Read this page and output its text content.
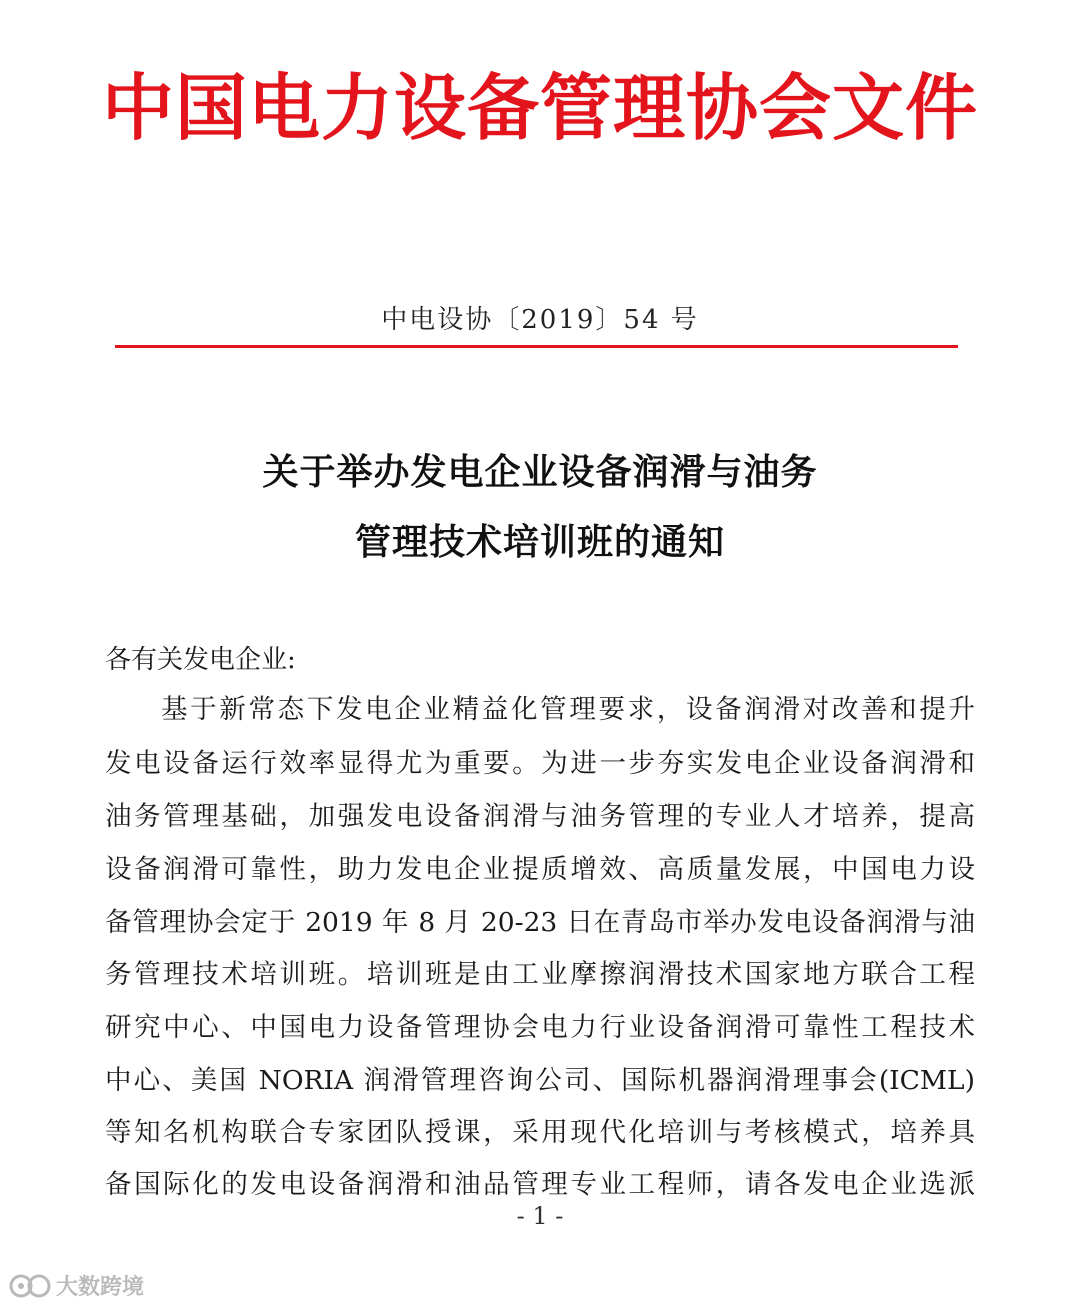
中国电力设备管理协会文件
中电设协〔2019〕54 号
关于举办发电企业设备润滑与油务
管理技术培训班的通知
各有关发电企业:
基于新常态下发电企业精益化管理要求，设备润滑对改善和提升
发电设备运行效率显得尤为重要。为进一步夯实发电企业设备润滑和
油务管理基础，加强发电设备润滑与油务管理的专业人才培养，提高
设备润滑可靠性，助力发电企业提质增效、高质量发展，中国电力设
备管理协会定于 2019 年 8 月 20-23 日在青岛市举办发电设备润滑与油
务管理技术培训班。培训班是由工业摩擦润滑技术国家地方联合工程
研究中心、中国电力设备管理协会电力行业设备润滑可靠性工程技术
中心、美国 NORIA 润滑管理咨询公司、国际机器润滑理事会(ICML)
等知名机构联合专家团队授课，采用现代化培训与考核模式，培养具
备国际化的发电设备润滑和油品管理专业工程师，请各发电企业选派
- 1 -
大数跨境
